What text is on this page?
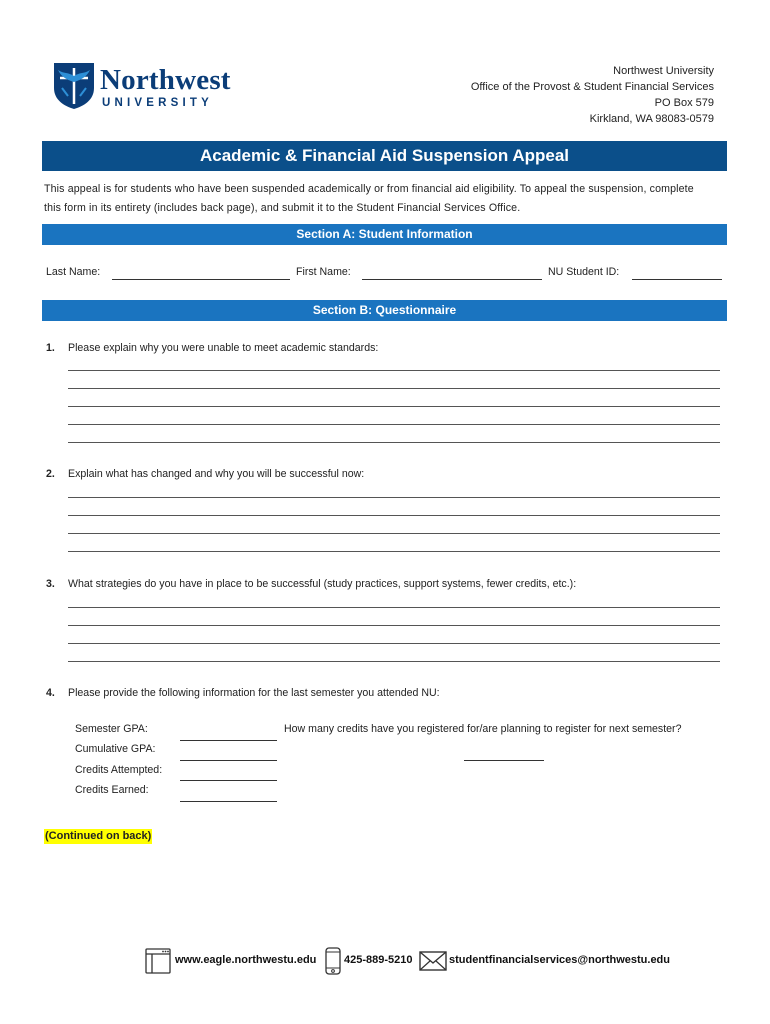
Northwest
UNIVERSITY
Northwest University
Office of the Provost & Student Financial Services
PO Box 579
Kirkland, WA 98083-0579
Academic & Financial Aid Suspension Appeal
This appeal is for students who have been suspended academically or from financial aid eligibility. To appeal the suspension, complete
this form in its entirety (includes back page), and submit it to the Student Financial Services Office.
Section A: Student Information
Last Name:	First Name:	NU Student ID:
Section B: Questionnaire
1. Please explain why you were unable to meet academic standards:
2. Explain what has changed and why you will be successful now:
3. What strategies do you have in place to be successful (study practices, support systems, fewer credits, etc.):
4. Please provide the following information for the last semester you attended NU:
Semester GPA:
Cumulative GPA:
Credits Attempted:
Credits Earned:
How many credits have you registered for/are planning to register for next semester?
(Continued on back)
www.eagle.northwestu.edu	425-889-5210	studentfinancialservices@northwestu.edu
